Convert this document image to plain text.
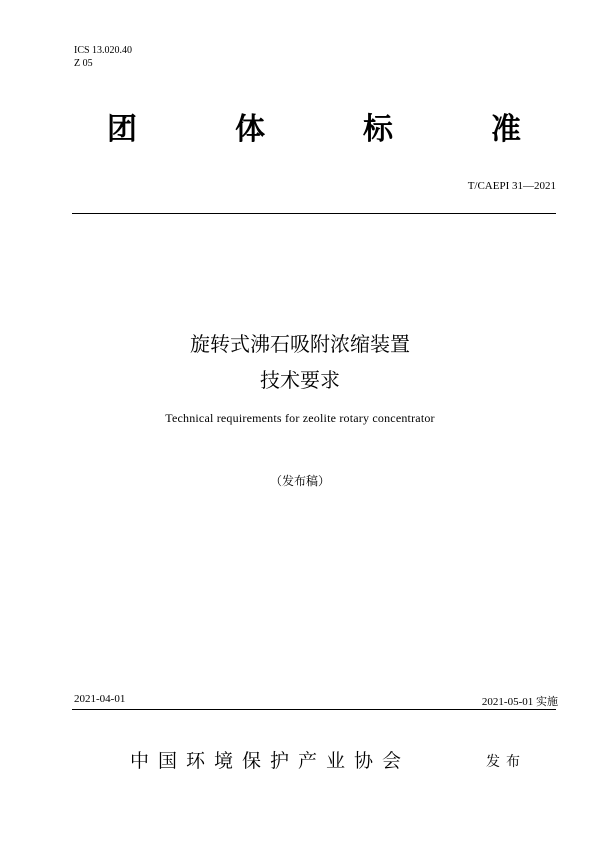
ICS 13.020.40
Z 05
团	体	标	准
T/CAEPI 31—2021
旋转式沸石吸附浓缩装置
技术要求
Technical requirements for zeolite rotary concentrator
（发布稿）
2021-04-01	2021-05-01 实施
中国环境保护产业协会	发布
